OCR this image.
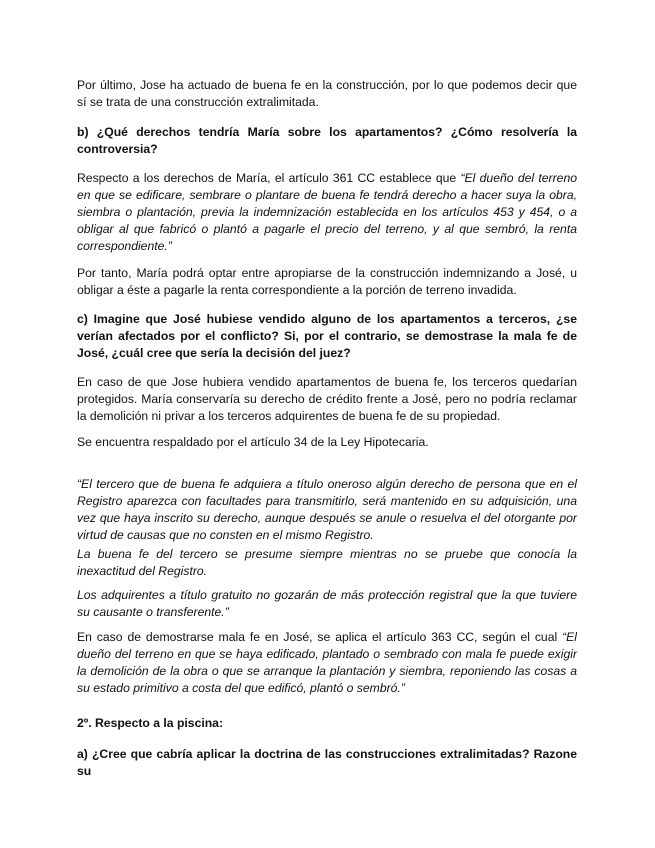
Por último, Jose ha actuado de buena fe en la construcción, por lo que podemos decir que sí se trata de una construcción extralimitada.

b) ¿Qué derechos tendría María sobre los apartamentos? ¿Cómo resolvería la controversia?

Respecto a los derechos de María, el artículo 361 CC establece que “El dueño del terreno en que se edificare, sembrare o plantare de buena fe tendrá derecho a hacer suya la obra, siembra o plantación, previa la indemnización establecida en los artículos 453 y 454, o a obligar al que fabricó o plantó a pagarle el precio del terreno, y al que sembró, la renta correspondiente.”

Por tanto, María podrá optar entre apropiarse de la construcción indemnizando a José, u obligar a éste a pagarle la renta correspondiente a la porción de terreno invadida.

c) Imagine que José hubiese vendido alguno de los apartamentos a terceros, ¿se verían afectados por el conflicto? Si, por el contrario, se demostrase la mala fe de José, ¿cuál cree que sería la decisión del juez?

En caso de que Jose hubiera vendido apartamentos de buena fe, los terceros quedarían protegidos. María conservaría su derecho de crédito frente a José, pero no podría reclamar la demolición ni privar a los terceros adquirentes de buena fe de su propiedad.

Se encuentra respaldado por el artículo 34 de la Ley Hipotecaria.

“El tercero que de buena fe adquiera a título oneroso algún derecho de persona que en el Registro aparezca con facultades para transmitirlo, será mantenido en su adquisición, una vez que haya inscrito su derecho, aunque después se anule o resuelva el del otorgante por virtud de causas que no consten en el mismo Registro.

La buena fe del tercero se presume siempre mientras no se pruebe que conocía la inexactitud del Registro.

Los adquirentes a título gratuito no gozarán de más protección registral que la que tuviere su causante o transferente.”

En caso de demostrarse mala fe en José, se aplica el artículo 363 CC, según el cual “El dueño del terreno en que se haya edificado, plantado o sembrado con mala fe puede exigir la demolición de la obra o que se arranque la plantación y siembra, reponiendo las cosas a su estado primitivo a costa del que edificó, plantó o sembró.”

2º. Respecto a la piscina:

a) ¿Cree que cabría aplicar la doctrina de las construcciones extralimitadas? Razone su
